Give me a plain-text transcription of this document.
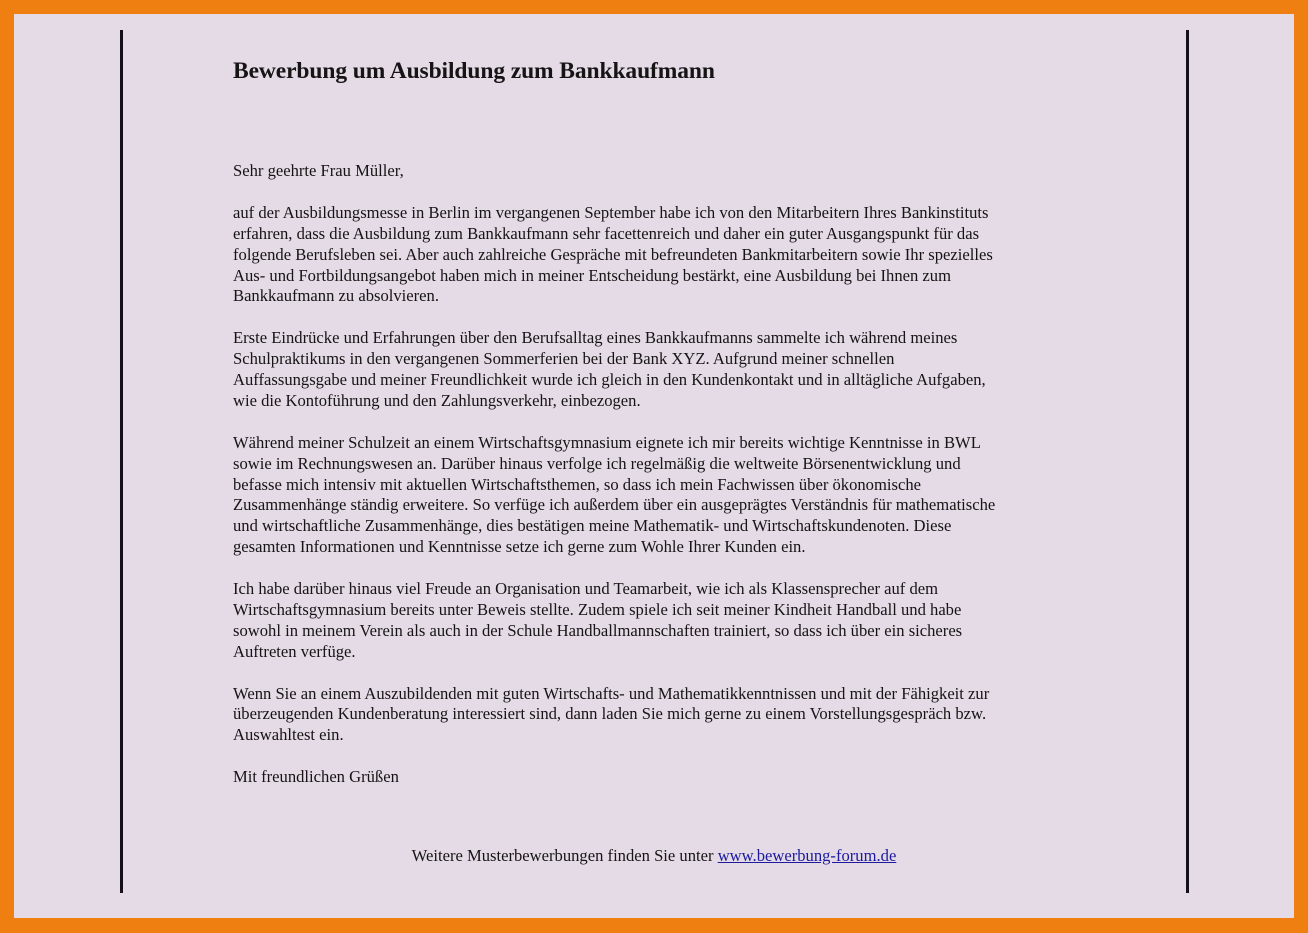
Bewerbung um Ausbildung zum Bankkaufmann

Sehr geehrte Frau Müller,

auf der Ausbildungsmesse in Berlin im vergangenen September habe ich von den Mitarbeitern Ihres Bankinstituts
erfahren, dass die Ausbildung zum Bankkaufmann sehr facettenreich und daher ein guter Ausgangspunkt für das
folgende Berufsleben sei. Aber auch zahlreiche Gespräche mit befreundeten Bankmitarbeitern sowie Ihr spezielles
Aus- und Fortbildungsangebot haben mich in meiner Entscheidung bestärkt, eine Ausbildung bei Ihnen zum
Bankkaufmann zu absolvieren.

Erste Eindrücke und Erfahrungen über den Berufsalltag eines Bankkaufmanns sammelte ich während meines
Schulpraktikums in den vergangenen Sommerferien bei der Bank XYZ. Aufgrund meiner schnellen
Auffassungsgabe und meiner Freundlichkeit wurde ich gleich in den Kundenkontakt und in alltägliche Aufgaben,
wie die Kontoführung und den Zahlungsverkehr, einbezogen.

Während meiner Schulzeit an einem Wirtschaftsgymnasium eignete ich mir bereits wichtige Kenntnisse in BWL
sowie im Rechnungswesen an. Darüber hinaus verfolge ich regelmäßig die weltweite Börsenentwicklung und
befasse mich intensiv mit aktuellen Wirtschaftsthemen, so dass ich mein Fachwissen über ökonomische
Zusammenhänge ständig erweitere. So verfüge ich außerdem über ein ausgeprägtes Verständnis für mathematische
und wirtschaftliche Zusammenhänge, dies bestätigen meine Mathematik- und Wirtschaftskundenoten. Diese
gesamten Informationen und Kenntnisse setze ich gerne zum Wohle Ihrer Kunden ein.

Ich habe darüber hinaus viel Freude an Organisation und Teamarbeit, wie ich als Klassensprecher auf dem
Wirtschaftsgymnasium bereits unter Beweis stellte. Zudem spiele ich seit meiner Kindheit Handball und habe
sowohl in meinem Verein als auch in der Schule Handballmannschaften trainiert, so dass ich über ein sicheres
Auftreten verfüge.

Wenn Sie an einem Auszubildenden mit guten Wirtschafts- und Mathematikkenntnissen und mit der Fähigkeit zur
überzeugenden Kundenberatung interessiert sind, dann laden Sie mich gerne zu einem Vorstellungsgespräch bzw.
Auswahltest ein.

Mit freundlichen Grüßen

Weitere Musterbewerbungen finden Sie unter www.bewerbung-forum.de
